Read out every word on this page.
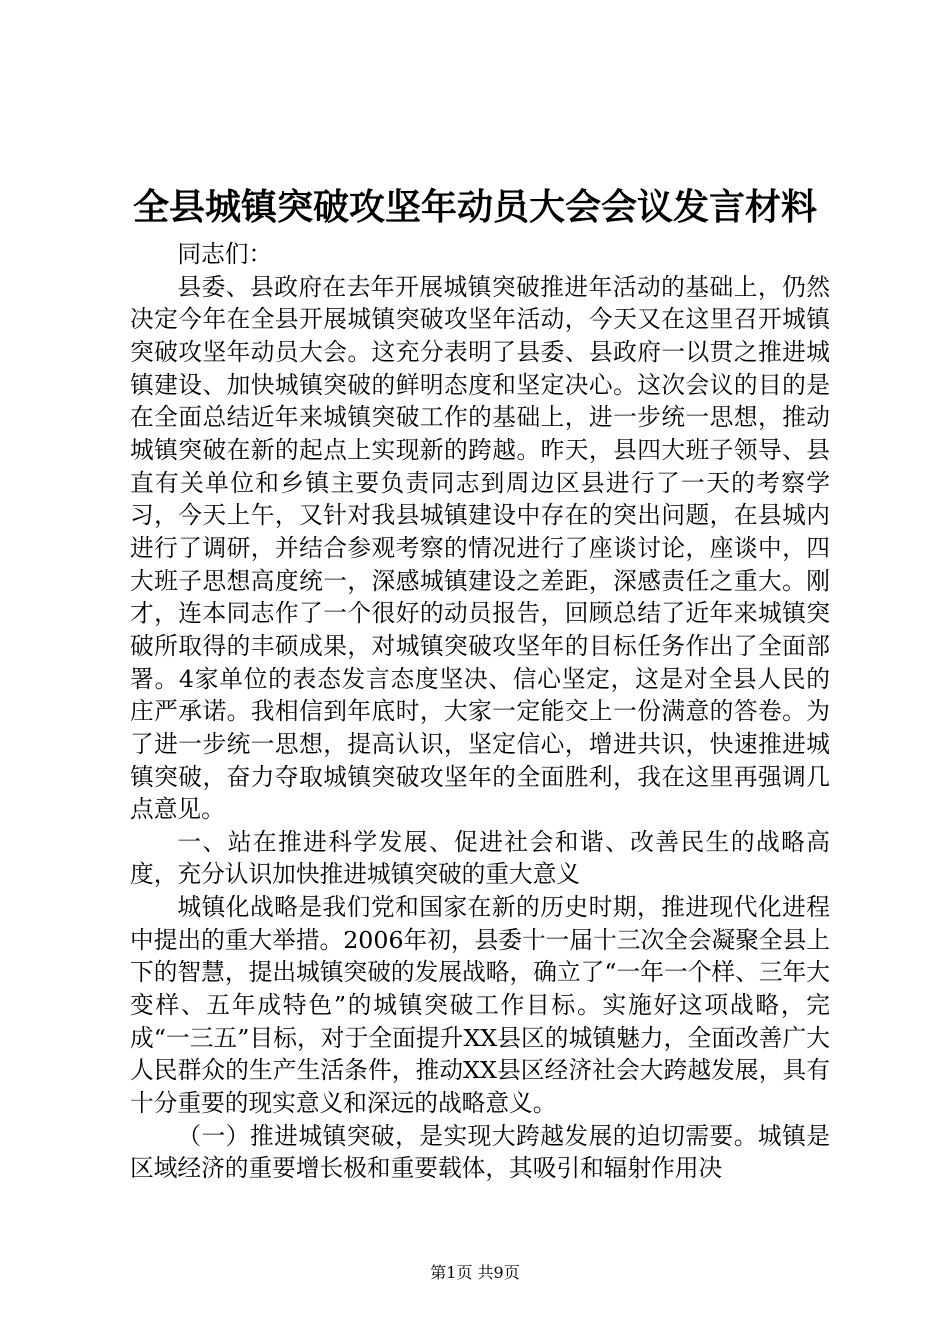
全县城镇突破攻坚年动员大会会议发言材料

同志们：

县委、县政府在去年开展城镇突破推进年活动的基础上，仍然决定今年在全县开展城镇突破攻坚年活动，今天又在这里召开城镇突破攻坚年动员大会。这充分表明了县委、县政府一以贯之推进城镇建设、加快城镇突破的鲜明态度和坚定决心。这次会议的目的是在全面总结近年来城镇突破工作的基础上，进一步统一思想，推动城镇突破在新的起点上实现新的跨越。昨天，县四大班子领导、县直有关单位和乡镇主要负责同志到周边区县进行了一天的考察学习，今天上午，又针对我县城镇建设中存在的突出问题，在县城内进行了调研，并结合参观考察的情况进行了座谈讨论，座谈中，四大班子思想高度统一，深感城镇建设之差距，深感责任之重大。刚才，连本同志作了一个很好的动员报告，回顾总结了近年来城镇突破所取得的丰硕成果，对城镇突破攻坚年的目标任务作出了全面部署。4家单位的表态发言态度坚决、信心坚定，这是对全县人民的庄严承诺。我相信到年底时，大家一定能交上一份满意的答卷。为了进一步统一思想，提高认识，坚定信心，增进共识，快速推进城镇突破，奋力夺取城镇突破攻坚年的全面胜利，我在这里再强调几点意见。

一、站在推进科学发展、促进社会和谐、改善民生的战略高度，充分认识加快推进城镇突破的重大意义

城镇化战略是我们党和国家在新的历史时期，推进现代化进程中提出的重大举措。2006年初，县委十一届十三次全会凝聚全县上下的智慧，提出城镇突破的发展战略，确立了“一年一个样、三年大变样、五年成特色”的城镇突破工作目标。实施好这项战略，完成“一三五”目标，对于全面提升XX县区的城镇魅力，全面改善广大人民群众的生产生活条件，推动XX县区经济社会大跨越发展，具有十分重要的现实意义和深远的战略意义。

（一）推进城镇突破，是实现大跨越发展的迫切需要。城镇是区域经济的重要增长极和重要载体，其吸引和辐射作用决

第1页 共9页
